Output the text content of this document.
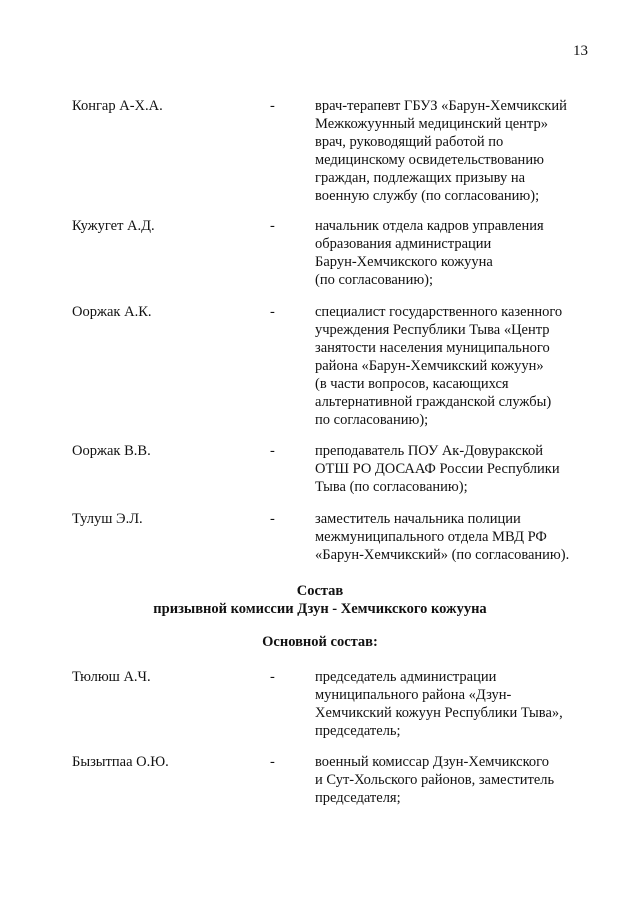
13
Конгар А-Х.А.	-	врач-терапевт ГБУЗ «Барун-Хемчикский
Межкожуунный медицинский центр»
врач, руководящий работой по
медицинскому освидетельствованию
граждан, подлежащих призыву на
военную службу (по согласованию);
Кужугет А.Д.	-	начальник отдела кадров управления
образования администрации
Барун-Хемчикского кожууна
(по согласованию);
Ооржак А.К.	-	специалист государственного казенного
учреждения Республики Тыва «Центр
занятости населения муниципального
района «Барун-Хемчикский кожуун»
(в части вопросов, касающихся
альтернативной гражданской службы)
по согласованию);
Ооржак В.В.	-	преподаватель ПОУ Ак-Довуракской
ОТШ РО ДОСААФ России Республики
Тыва (по согласованию);
Тулуш Э.Л.	-	заместитель начальника полиции
межмуниципального отдела МВД РФ
«Барун-Хемчикский» (по согласованию).
Состав
призывной комиссии Дзун - Хемчикского кожууна
Основной состав:
Тюлюш А.Ч.	-	председатель администрации
муниципального района «Дзун-
Хемчикский кожуун Республики Тыва»,
председатель;
Бызытпаа О.Ю.	-	военный комиссар Дзун-Хемчикского
и Сут-Хольского районов, заместитель
председателя;
